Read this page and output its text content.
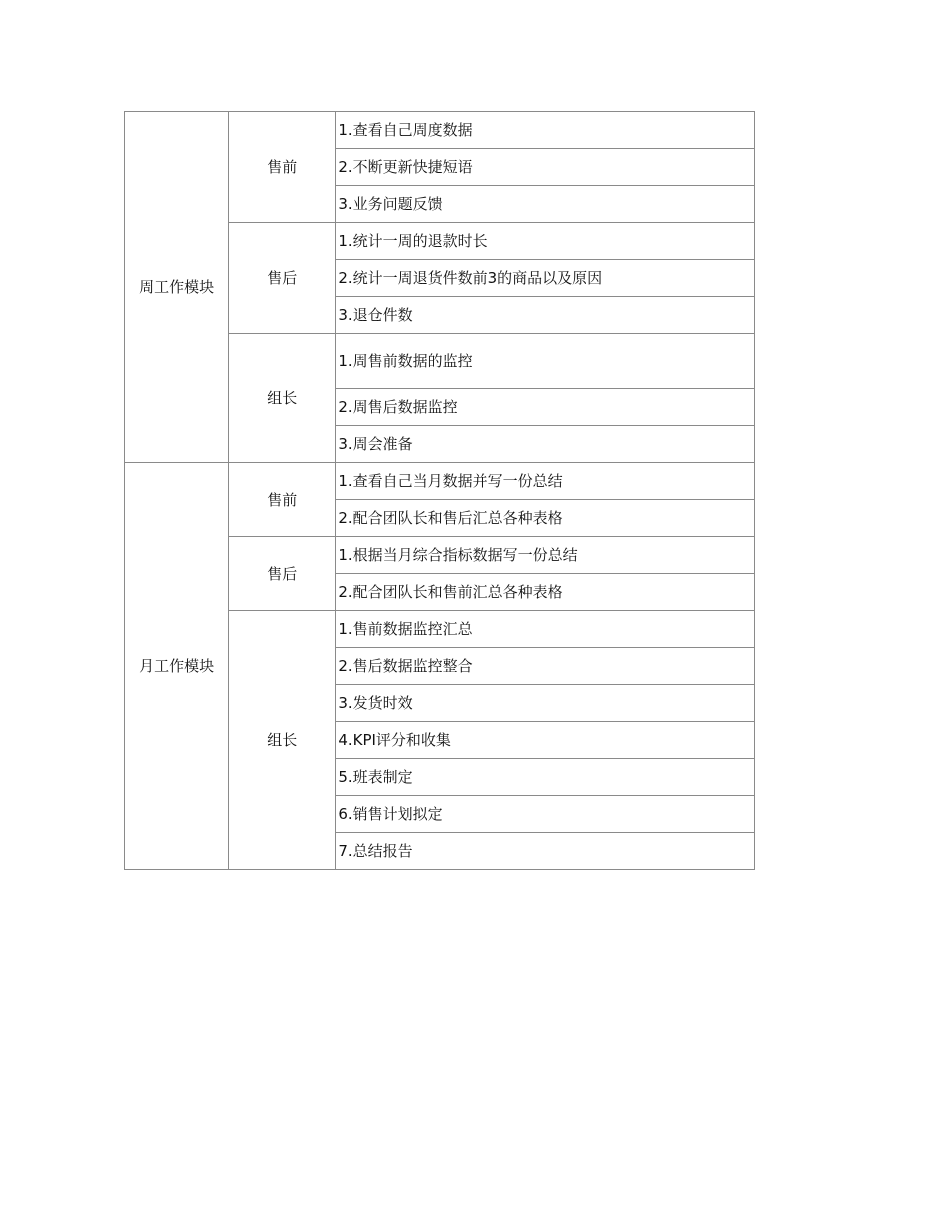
周工作模块	售前	1.查看自己周度数据
		2.不断更新快捷短语
		3.业务问题反馈
	售后	1.统计一周的退款时长
		2.统计一周退货件数前3的商品以及原因
		3.退仓件数
	组长	1.周售前数据的监控
		2.周售后数据监控
		3.周会准备
月工作模块	售前	1.查看自己当月数据并写一份总结
		2.配合团队长和售后汇总各种表格
	售后	1.根据当月综合指标数据写一份总结
		2.配合团队长和售前汇总各种表格
	组长	1.售前数据监控汇总
		2.售后数据监控整合
		3.发货时效
		4.KPI评分和收集
		5.班表制定
		6.销售计划拟定
		7.总结报告
